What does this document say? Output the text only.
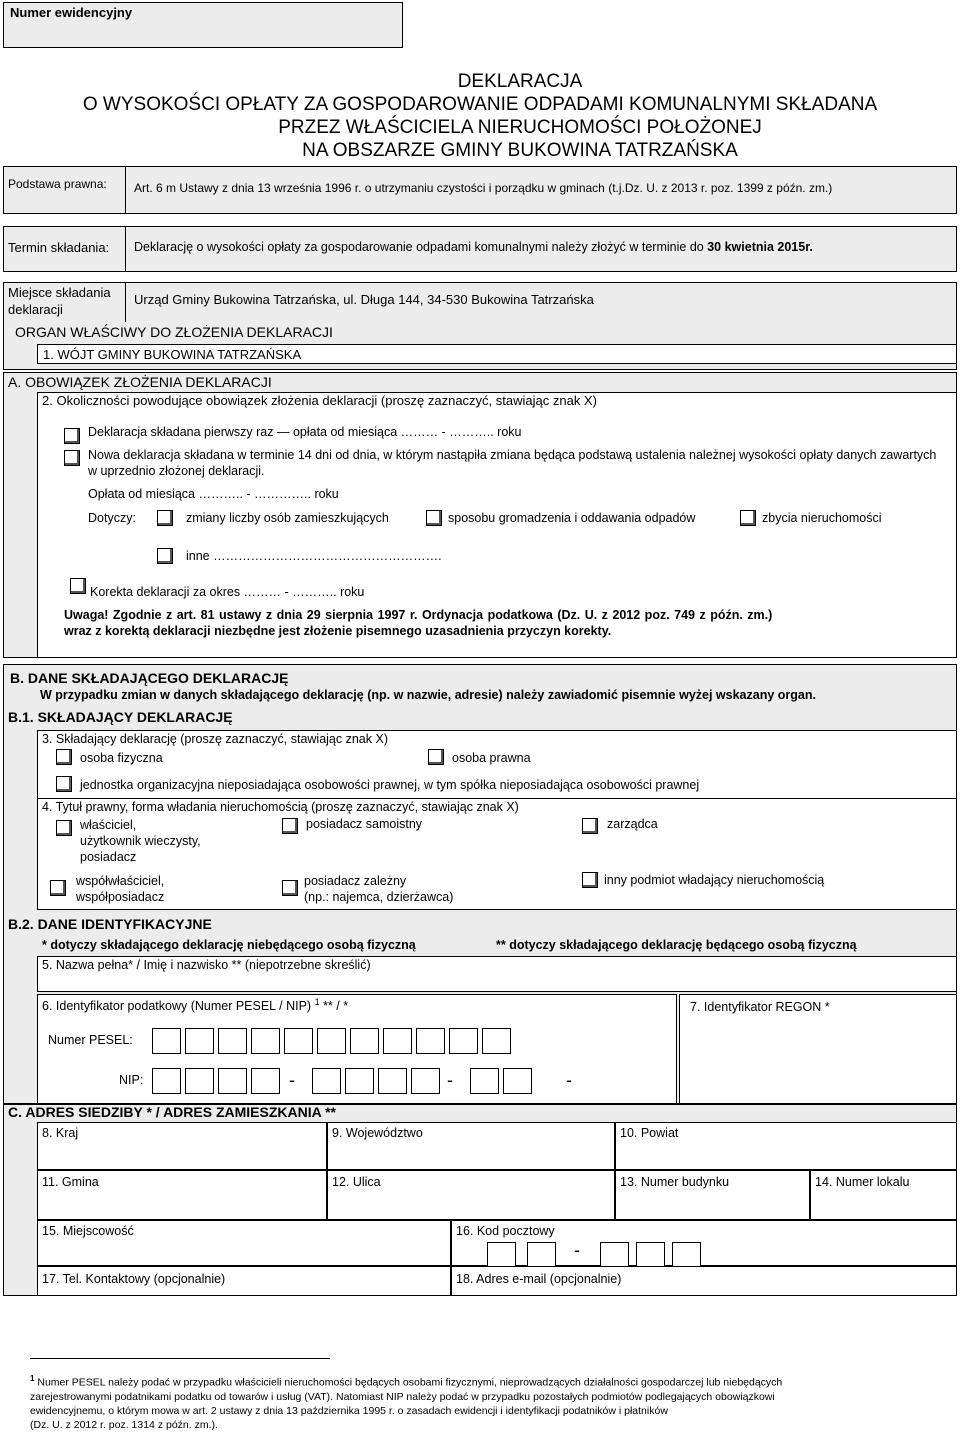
Numer ewidencyjny
DEKLARACJA
O WYSOKOŚCI OPŁATY ZA GOSPODAROWANIE ODPADAMI KOMUNALNYMI SKŁADANA
PRZEZ WŁAŚCICIELA NIERUCHOMOŚCI POŁOŻONEJ
NA OBSZARZE GMINY BUKOWINA TATRZAŃSKA
Podstawa prawna:	Art. 6 m Ustawy z dnia 13 września 1996 r. o utrzymaniu czystości i porządku w gminach (t.j.Dz. U. z 2013 r. poz. 1399 z późn. zm.)
Termin składania: Deklarację o wysokości opłaty za gospodarowanie odpadami komunalnymi należy złożyć w terminie do 30 kwietnia 2015r.
Miejsce składania deklaracji
Urząd Gminy Bukowina Tatrzańska, ul. Długa 144, 34-530 Bukowina Tatrzańska
ORGAN WŁAŚCIWY DO ZŁOŻENIA DEKLARACJI
1. WÓJT GMINY BUKOWINA TATRZAŃSKA
A. OBOWIĄZEK ZŁOŻENIA DEKLARACJI
2. Okoliczności powodujące obowiązek złożenia deklaracji (proszę zaznaczyć, stawiając znak X)
Deklaracja składana pierwszy raz — opłata od miesiąca ……… - ……….. roku
Nowa deklaracja składana w terminie 14 dni od dnia, w którym nastąpiła zmiana będąca podstawą ustalenia należnej wysokości opłaty danych zawartych w uprzednio złożonej deklaracji.
Opłata od miesiąca ……….. - ………….. roku
Dotyczy:	zmiany liczby osób zamieszkujących	sposobu gromadzenia i oddawania odpadów	zbycia nieruchomości
inne ……………………………………………….
Korekta deklaracji za okres ……… - ……….. roku
Uwaga! Zgodnie z art. 81 ustawy z dnia 29 sierpnia 1997 r. Ordynacja podatkowa (Dz. U. z 2012 poz. 749 z późn. zm.)
wraz z korektą deklaracji niezbędne jest złożenie pisemnego uzasadnienia przyczyn korekty.
B. DANE SKŁADAJĄCEGO DEKLARACJĘ
W przypadku zmian w danych składającego deklarację (np. w nazwie, adresie) należy zawiadomić pisemnie wyżej wskazany organ.
B.1. SKŁADAJĄCY DEKLARACJĘ
3. Składający deklarację (proszę zaznaczyć, stawiając znak X)
osoba fizyczna	osoba prawna
jednostka organizacyjna nieposiadająca osobowości prawnej, w tym spółka nieposiadająca osobowości prawnej
4. Tytuł prawny, forma władania nieruchomością (proszę zaznaczyć, stawiając znak X)
właściciel,
użytkownik wieczysty,
posiadacz
posiadacz samoistny	zarządca
współwłaściciel,
współposiadacz
posiadacz zależny
(np.: najemca, dzierżawca)
inny podmiot władający nieruchomością
B.2. DANE IDENTYFIKACYJNE
* dotyczy składającego deklarację niebędącego osobą fizyczną	** dotyczy składającego deklarację będącego osobą fizyczną
5. Nazwa pełna* / Imię i nazwisko ** (niepotrzebne skreślić)
6. Identyfikator podatkowy (Numer PESEL / NIP) $^1$ ** / *	7. Identyfikator REGON *
Numer PESEL:
NIP:	-	-	-
C. ADRES SIEDZIBY * / ADRES ZAMIESZKANIA **
8. Kraj	9. Województwo	10. Powiat
11. Gmina	12. Ulica	13. Numer budynku	14. Numer lokalu
15. Miejscowość	16. Kod pocztowy
-
17. Tel. Kontaktowy (opcjonalnie)	18. Adres e-mail (opcjonalnie)
$^1$ Numer PESEL należy podać w przypadku właścicieli nieruchomości będących osobami fizycznymi, nieprowadzących działalności gospodarczej lub niebędących
zarejestrowanymi podatnikami podatku od towarów i usług (VAT). Natomiast NIP należy podać w przypadku pozostałych podmiotów podlegających obowiązkowi
ewidencyjnemu, o którym mowa w art. 2 ustawy z dnia 13 października 1995 r. o zasadach ewidencji i identyfikacji podatników i płatników
(Dz. U. z 2012 r. poz. 1314 z późn. zm.).
